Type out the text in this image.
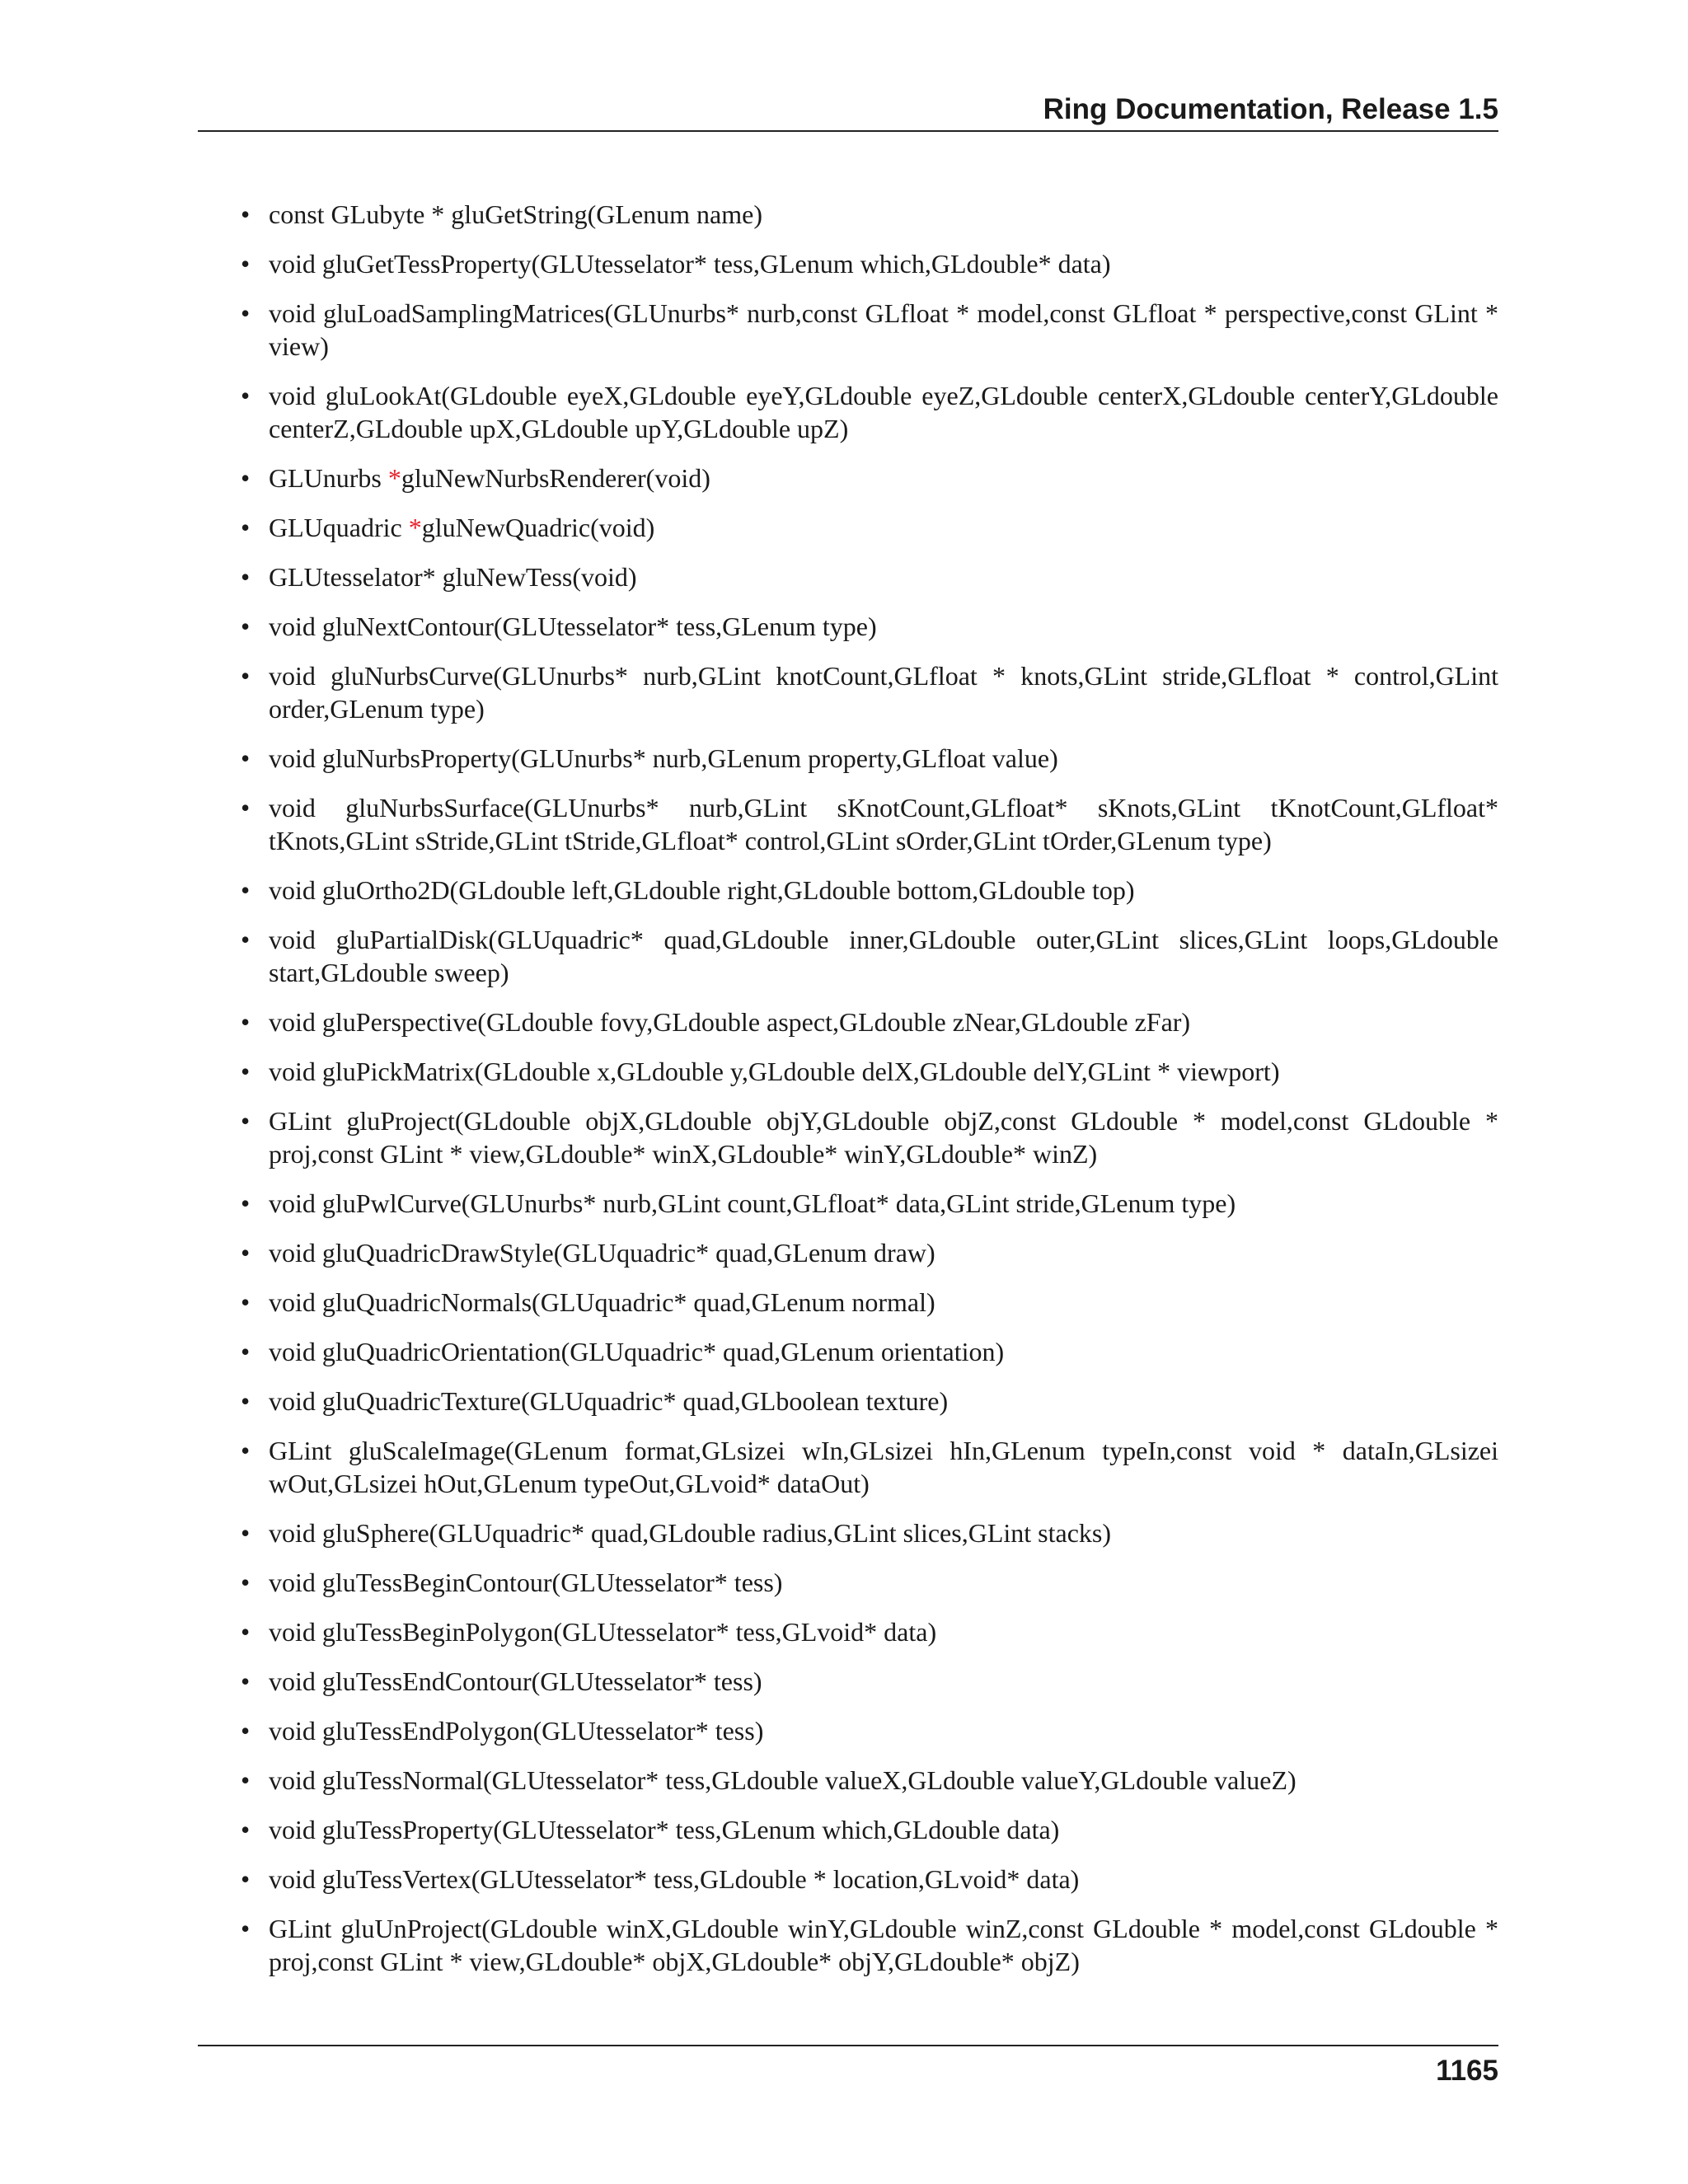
Ring Documentation, Release 1.5
• const GLubyte * gluGetString(GLenum name)
• void gluGetTessProperty(GLUtesselator* tess,GLenum which,GLdouble* data)
• void gluLoadSamplingMatrices(GLUnurbs* nurb,const GLfloat * model,const GLfloat * perspective,const GLint * view)
• void gluLookAt(GLdouble eyeX,GLdouble eyeY,GLdouble eyeZ,GLdouble centerX,GLdouble centerY,GLdouble centerZ,GLdouble upX,GLdouble upY,GLdouble upZ)
• GLUnurbs *gluNewNurbsRenderer(void)
• GLUquadric *gluNewQuadric(void)
• GLUtesselator* gluNewTess(void)
• void gluNextContour(GLUtesselator* tess,GLenum type)
• void gluNurbsCurve(GLUnurbs* nurb,GLint knotCount,GLfloat * knots,GLint stride,GLfloat * control,GLint order,GLenum type)
• void gluNurbsProperty(GLUnurbs* nurb,GLenum property,GLfloat value)
• void gluNurbsSurface(GLUnurbs* nurb,GLint sKnotCount,GLfloat* sKnots,GLint tKnotCount,GLfloat* tKnots,GLint sStride,GLint tStride,GLfloat* control,GLint sOrder,GLint tOrder,GLenum type)
• void gluOrtho2D(GLdouble left,GLdouble right,GLdouble bottom,GLdouble top)
• void gluPartialDisk(GLUquadric* quad,GLdouble inner,GLdouble outer,GLint slices,GLint loops,GLdouble start,GLdouble sweep)
• void gluPerspective(GLdouble fovy,GLdouble aspect,GLdouble zNear,GLdouble zFar)
• void gluPickMatrix(GLdouble x,GLdouble y,GLdouble delX,GLdouble delY,GLint * viewport)
• GLint gluProject(GLdouble objX,GLdouble objY,GLdouble objZ,const GLdouble * model,const GLdouble * proj,const GLint * view,GLdouble* winX,GLdouble* winY,GLdouble* winZ)
• void gluPwlCurve(GLUnurbs* nurb,GLint count,GLfloat* data,GLint stride,GLenum type)
• void gluQuadricDrawStyle(GLUquadric* quad,GLenum draw)
• void gluQuadricNormals(GLUquadric* quad,GLenum normal)
• void gluQuadricOrientation(GLUquadric* quad,GLenum orientation)
• void gluQuadricTexture(GLUquadric* quad,GLboolean texture)
• GLint gluScaleImage(GLenum format,GLsizei wIn,GLsizei hIn,GLenum typeIn,const void * dataIn,GLsizei wOut,GLsizei hOut,GLenum typeOut,GLvoid* dataOut)
• void gluSphere(GLUquadric* quad,GLdouble radius,GLint slices,GLint stacks)
• void gluTessBeginContour(GLUtesselator* tess)
• void gluTessBeginPolygon(GLUtesselator* tess,GLvoid* data)
• void gluTessEndContour(GLUtesselator* tess)
• void gluTessEndPolygon(GLUtesselator* tess)
• void gluTessNormal(GLUtesselator* tess,GLdouble valueX,GLdouble valueY,GLdouble valueZ)
• void gluTessProperty(GLUtesselator* tess,GLenum which,GLdouble data)
• void gluTessVertex(GLUtesselator* tess,GLdouble * location,GLvoid* data)
• GLint gluUnProject(GLdouble winX,GLdouble winY,GLdouble winZ,const GLdouble * model,const GLdouble * proj,const GLint * view,GLdouble* objX,GLdouble* objY,GLdouble* objZ)
1165
